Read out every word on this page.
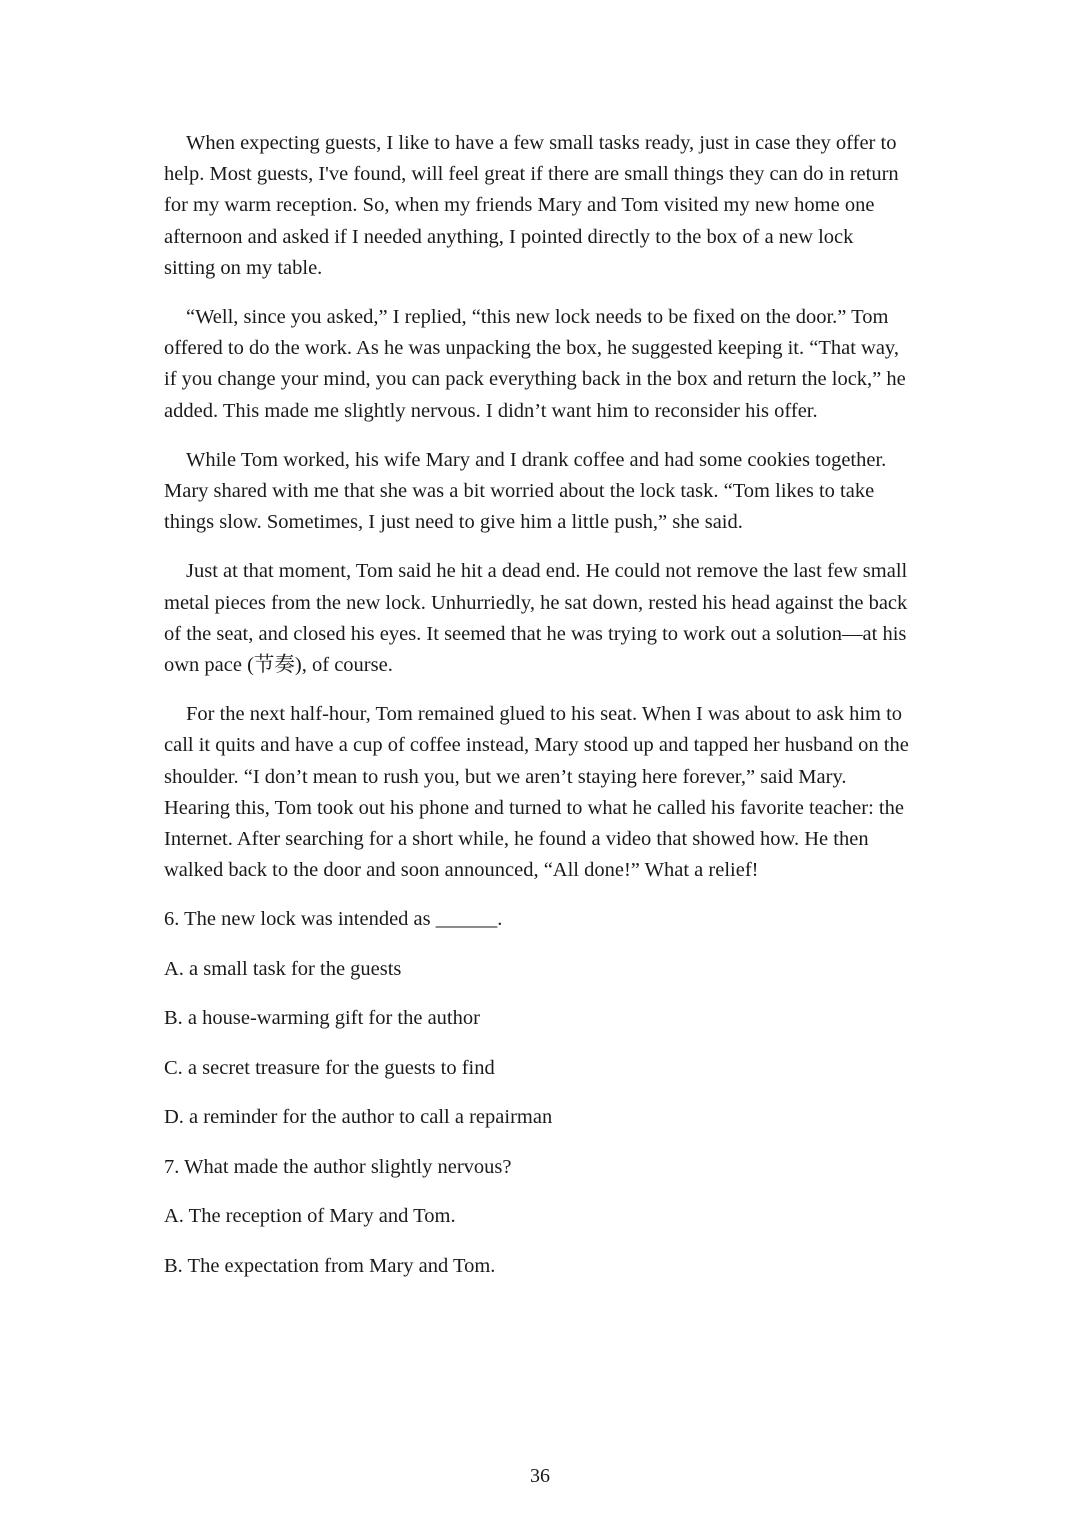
When expecting guests, I like to have a few small tasks ready, just in case they offer to help. Most guests, I've found, will feel great if there are small things they can do in return for my warm reception. So, when my friends Mary and Tom visited my new home one afternoon and asked if I needed anything, I pointed directly to the box of a new lock sitting on my table.

“Well, since you asked,” I replied, “this new lock needs to be fixed on the door.” Tom offered to do the work. As he was unpacking the box, he suggested keeping it. “That way, if you change your mind, you can pack everything back in the box and return the lock,” he added. This made me slightly nervous. I didn’t want him to reconsider his offer.

While Tom worked, his wife Mary and I drank coffee and had some cookies together. Mary shared with me that she was a bit worried about the lock task. “Tom likes to take things slow. Sometimes, I just need to give him a little push,” she said.

Just at that moment, Tom said he hit a dead end. He could not remove the last few small metal pieces from the new lock. Unhurriedly, he sat down, rested his head against the back of the seat, and closed his eyes. It seemed that he was trying to work out a solution—at his own pace (节奏), of course.

For the next half-hour, Tom remained glued to his seat. When I was about to ask him to call it quits and have a cup of coffee instead, Mary stood up and tapped her husband on the shoulder. “I don’t mean to rush you, but we aren’t staying here forever,” said Mary. Hearing this, Tom took out his phone and turned to what he called his favorite teacher: the Internet. After searching for a short while, he found a video that showed how. He then walked back to the door and soon announced, “All done!” What a relief!

6. The new lock was intended as ______.

A. a small task for the guests

B. a house-warming gift for the author

C. a secret treasure for the guests to find

D. a reminder for the author to call a repairman

7. What made the author slightly nervous?

A. The reception of Mary and Tom.

B. The expectation from Mary and Tom.

36
